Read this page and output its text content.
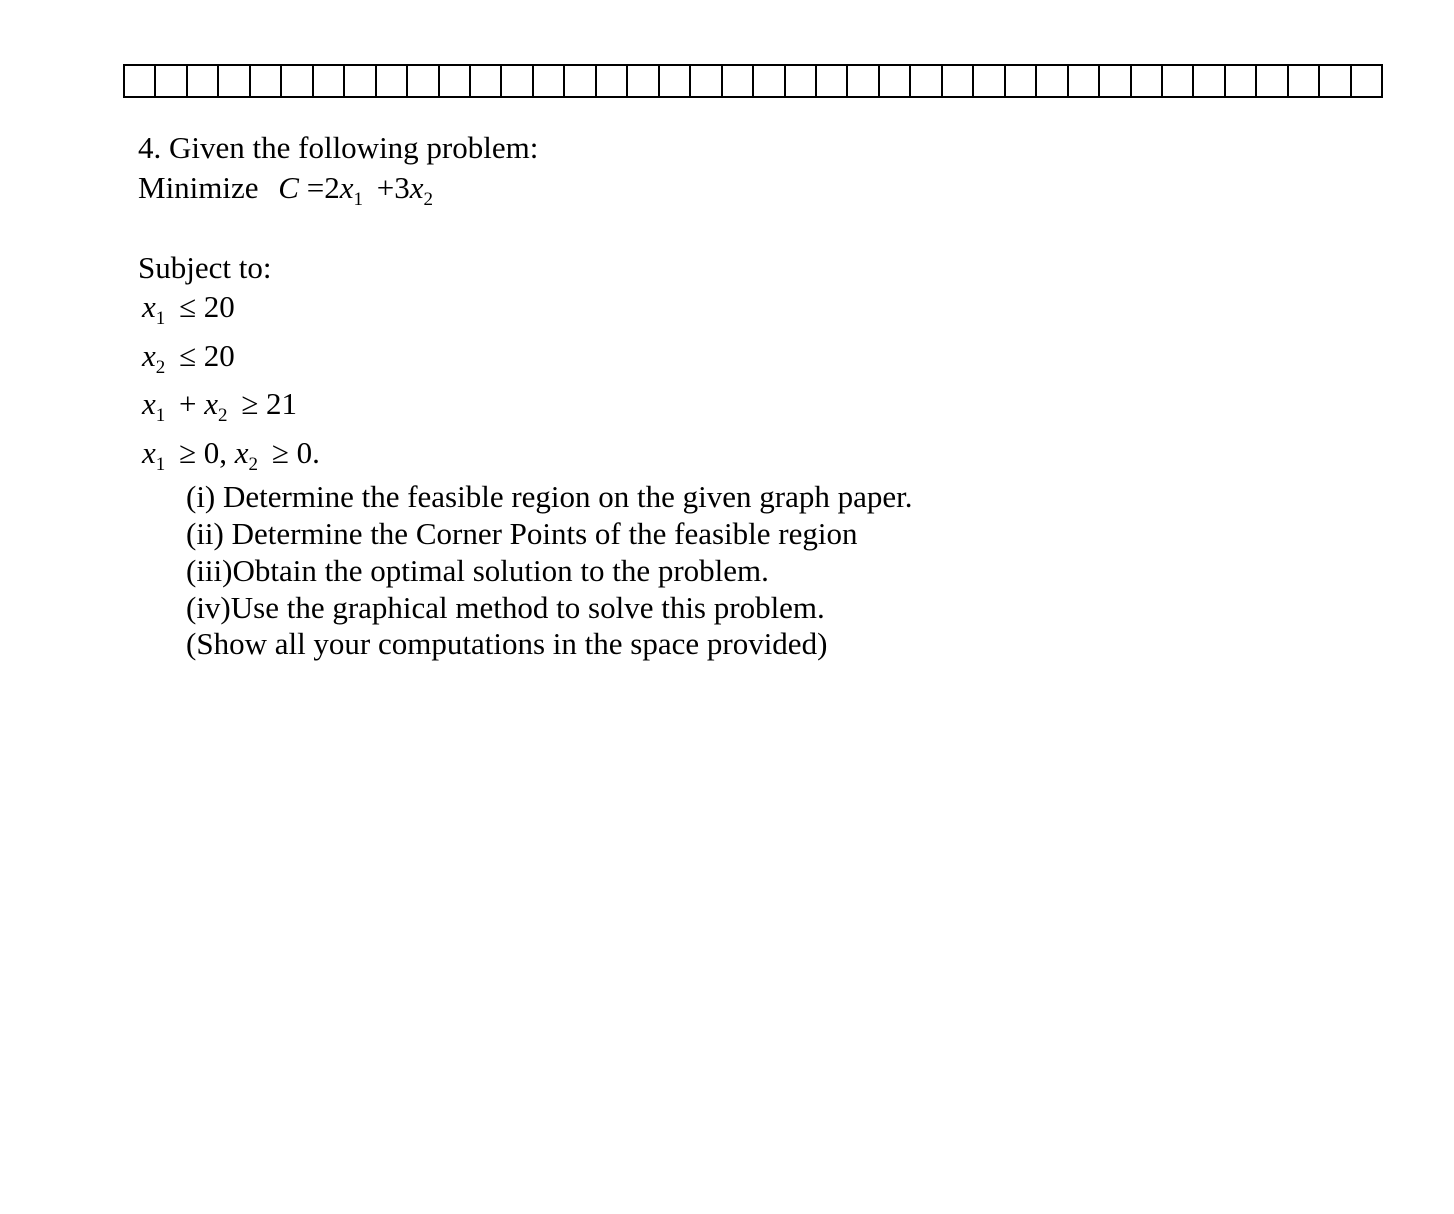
4. Given the following problem:
Minimize $C =2x_1 +3x_2$
Subject to:
$x_1 \le 20$
$x_2 \le 20$
$x_1 + x_2 \ge 21$
$x_1 \ge 0$, $x_2 \ge 0$.
(i) Determine the feasible region on the given graph paper.
(ii) Determine the Corner Points of the feasible region
(iii)Obtain the optimal solution to the problem.
(iv)Use the graphical method to solve this problem.
(Show all your computations in the space provided)
